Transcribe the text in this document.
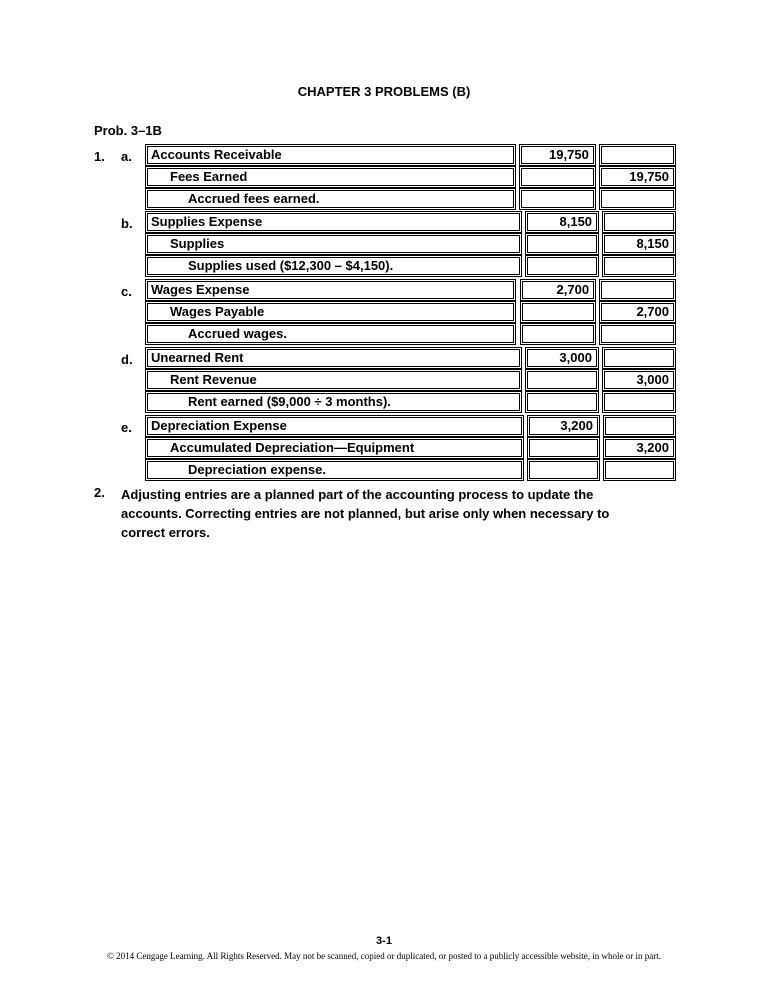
CHAPTER 3 PROBLEMS (B)
Prob. 3–1B
1. a. Accounts Receivable		19,750		
Fees Earned				19,750
Accrued fees earned.				
b. Supplies Expense		8,150		
Supplies				8,150
Supplies used ($12,300 – $4,150).				
c. Wages Expense		2,700		
Wages Payable				2,700
Accrued wages.				
d. Unearned Rent		3,000		
Rent Revenue				3,000
Rent earned ($9,000 ÷ 3 months).				
e. Depreciation Expense		3,200		
Accumulated Depreciation—Equipment				3,200
Depreciation expense.				
2. Adjusting entries are a planned part of the accounting process to update the accounts. Correcting entries are not planned, but arise only when necessary to correct errors.
3-1
© 2014 Cengage Learning. All Rights Reserved. May not be scanned, copied or duplicated, or posted to a publicly accessible website, in whole or in part.
